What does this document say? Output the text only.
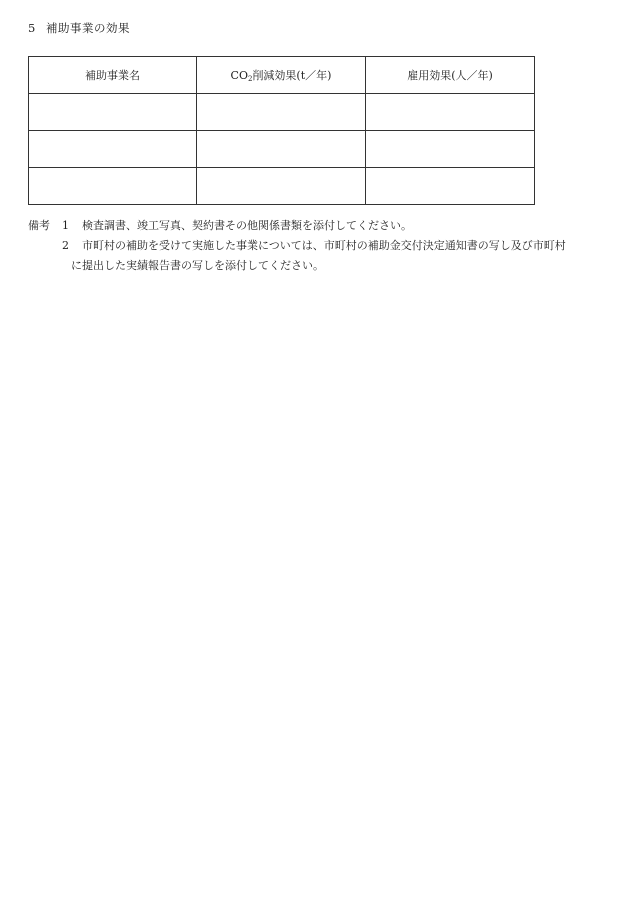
5 補助事業の効果
補助事業名	CO2削減効果(t／年)	雇用効果(人／年)

備考 1 検査調書、竣工写真、契約書その他関係書類を添付してください。
2 市町村の補助を受けて実施した事業については、市町村の補助金交付決定通知書の写し及び市町村
に提出した実績報告書の写しを添付してください。
